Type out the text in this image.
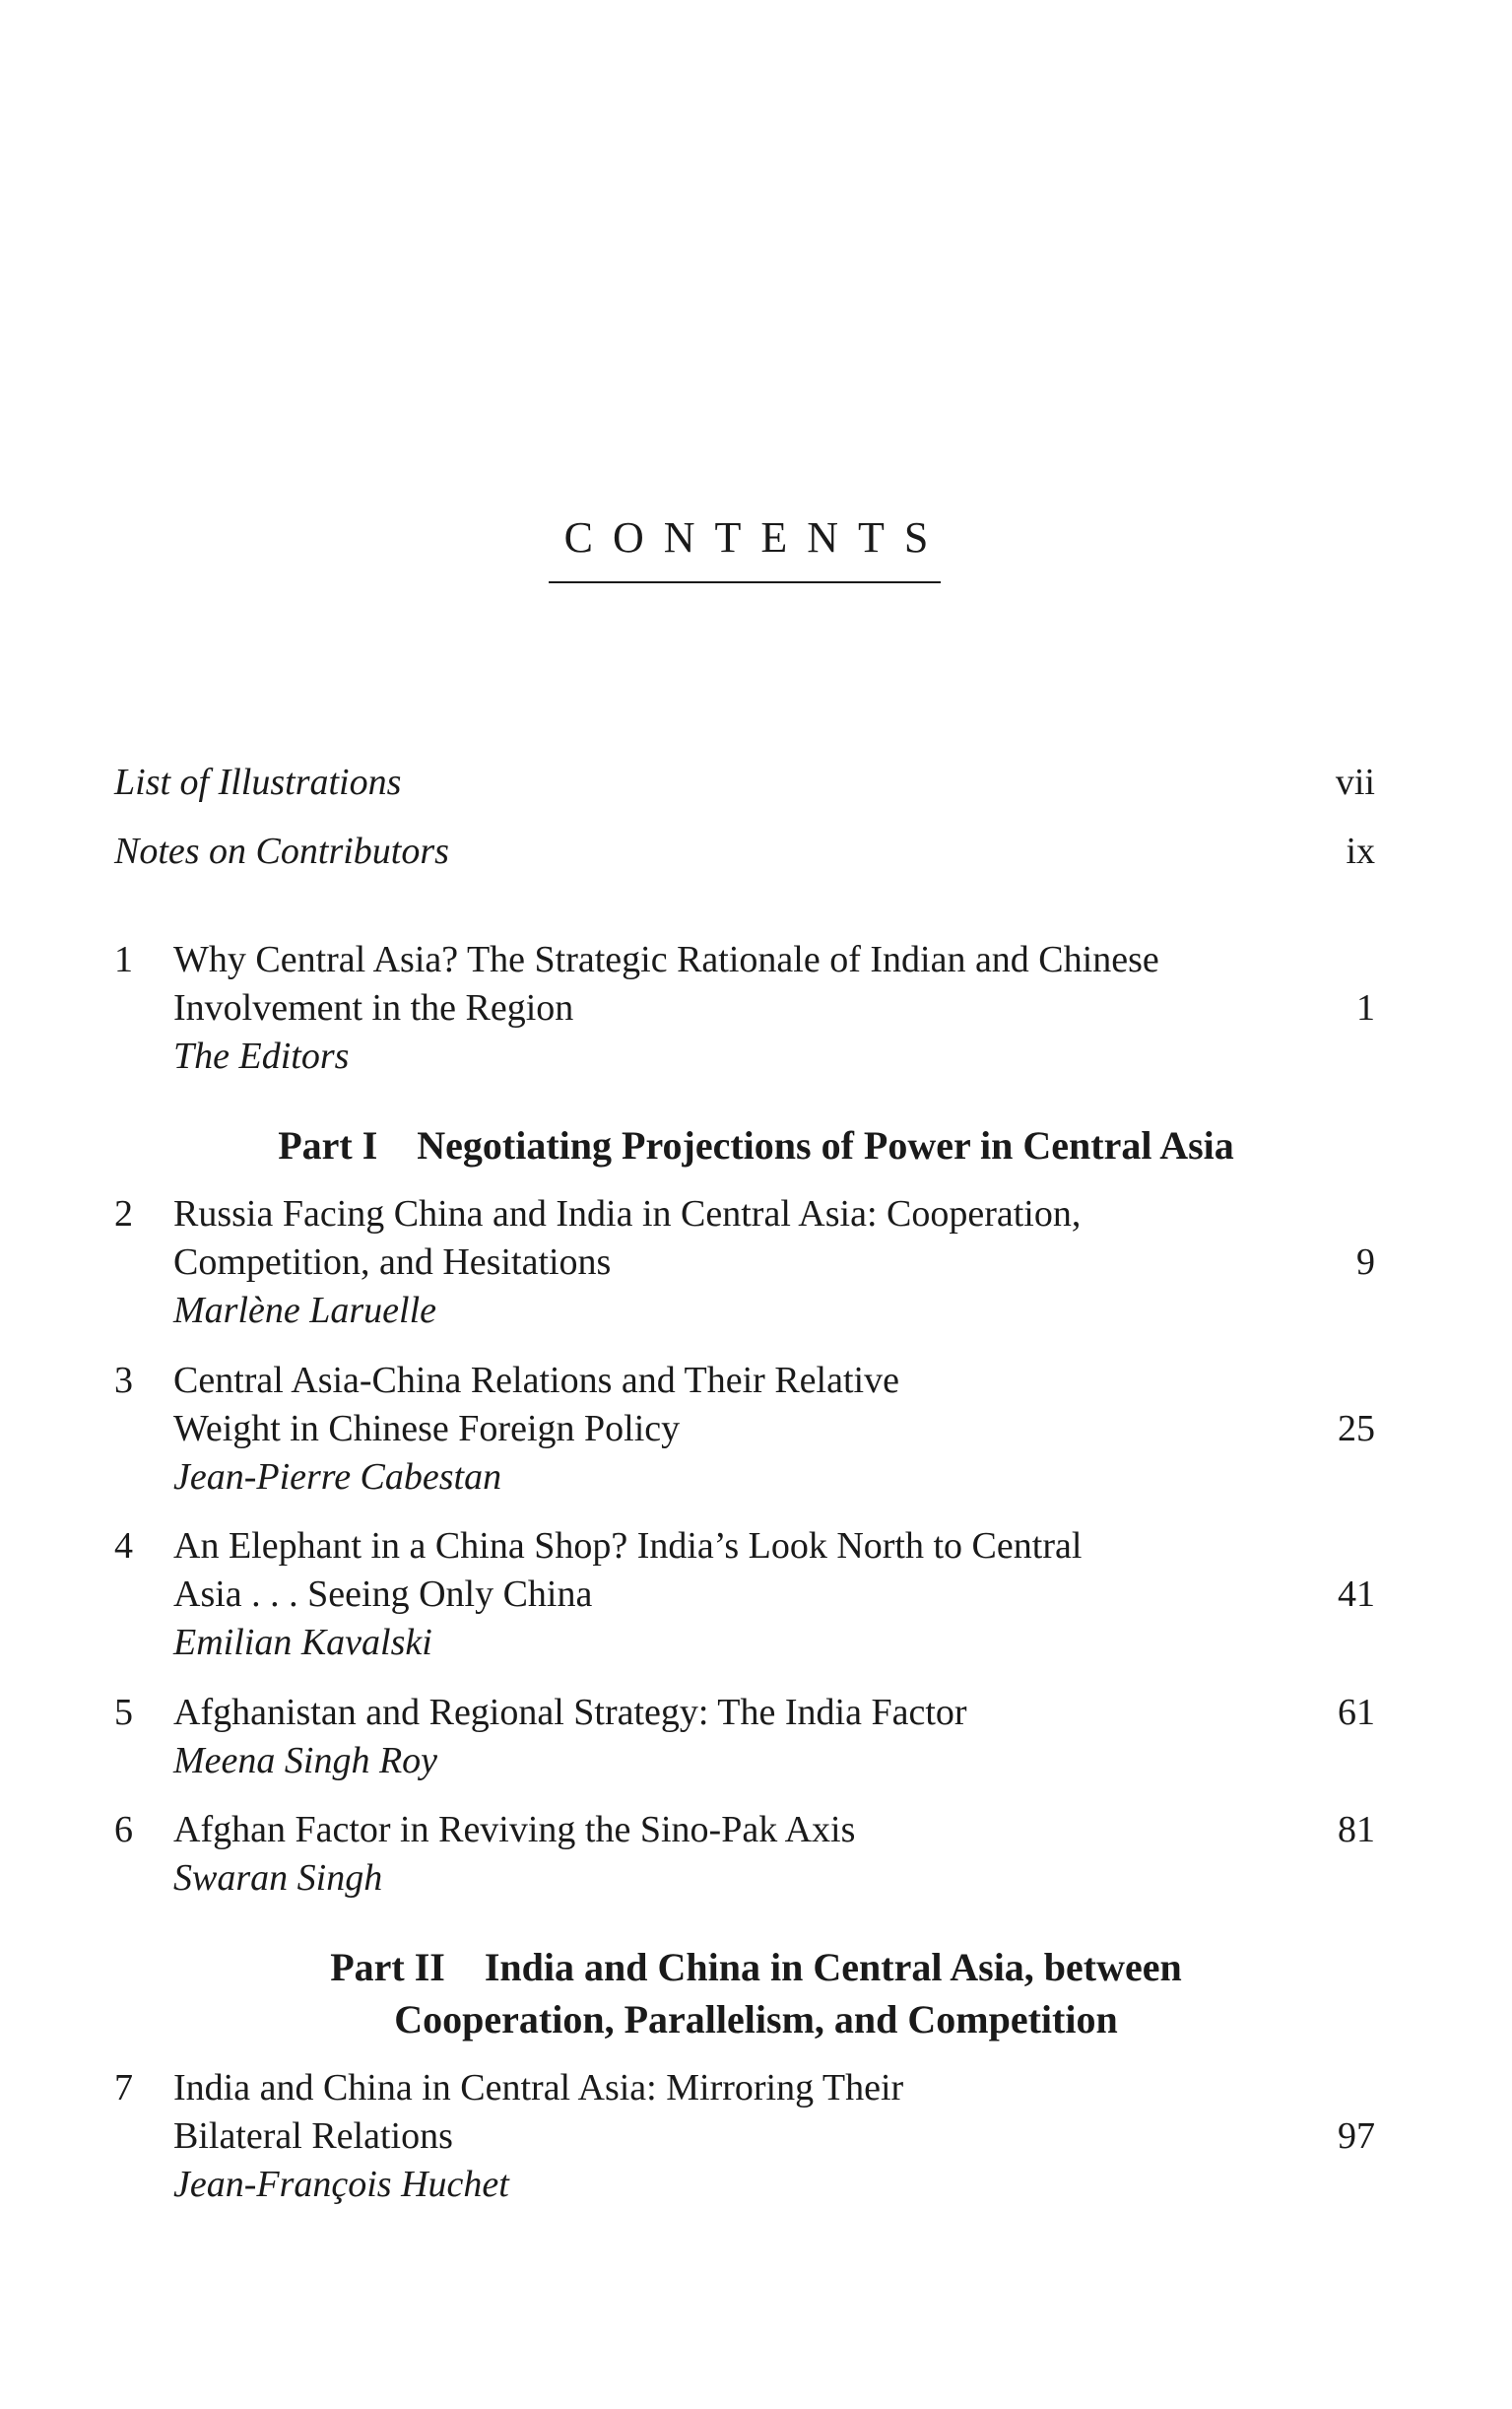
CONTENTS
List of Illustrations	vii
Notes on Contributors	ix
1	Why Central Asia? The Strategic Rationale of Indian and Chinese
Involvement in the Region	1
The Editors
Part I Negotiating Projections of Power in Central Asia
2	Russia Facing China and India in Central Asia: Cooperation,
Competition, and Hesitations	9
Marlène Laruelle
3	Central Asia-China Relations and Their Relative
Weight in Chinese Foreign Policy	25
Jean-Pierre Cabestan
4	An Elephant in a China Shop? India’s Look North to Central
Asia . . . Seeing Only China	41
Emilian Kavalski
5	Afghanistan and Regional Strategy: The India Factor	61
Meena Singh Roy
6	Afghan Factor in Reviving the Sino-Pak Axis	81
Swaran Singh
Part II India and China in Central Asia, between
Cooperation, Parallelism, and Competition
7	India and China in Central Asia: Mirroring Their
Bilateral Relations	97
Jean-François Huchet
